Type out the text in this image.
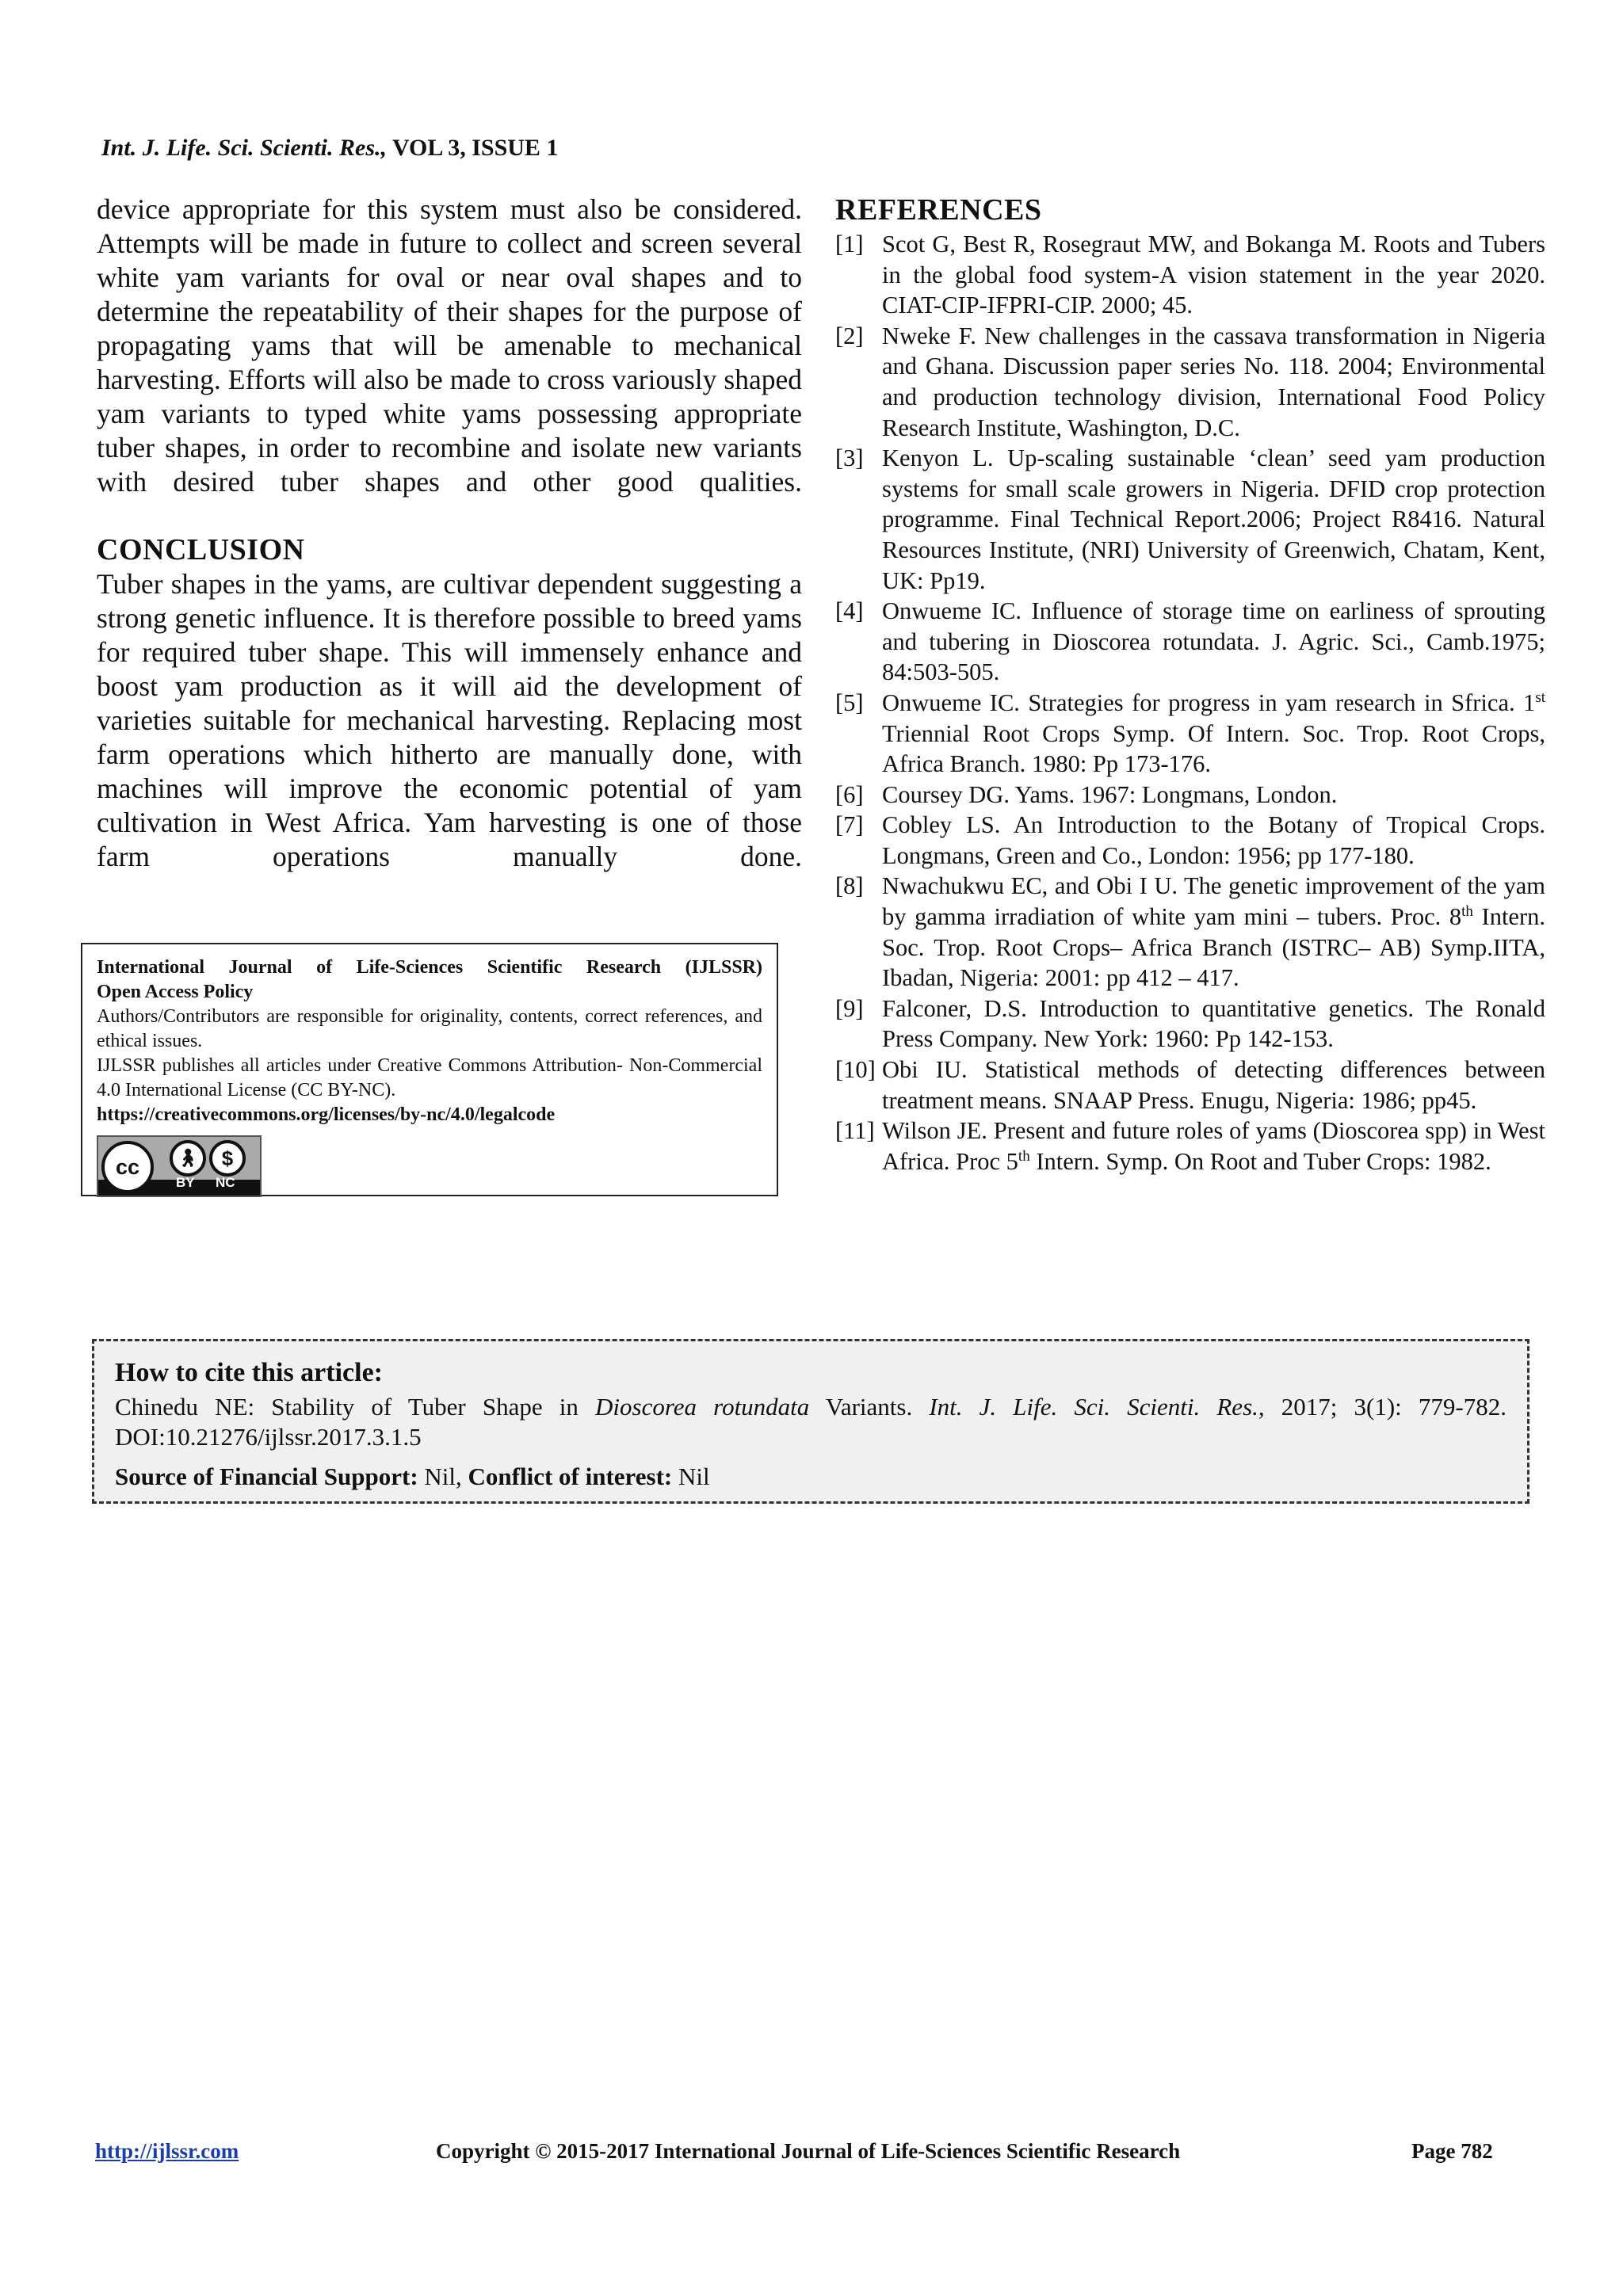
Int. J. Life. Sci. Scienti. Res., VOL 3, ISSUE 1

device appropriate for this system must also be considered. Attempts will be made in future to collect and screen several white yam variants for oval or near oval shapes and to determine the repeatability of their shapes for the purpose of propagating yams that will be amenable to mechanical harvesting. Efforts will also be made to cross variously shaped yam variants to typed white yams possessing appropriate tuber shapes, in order to recombine and isolate new variants with desired tuber shapes and other good qualities.

CONCLUSION

Tuber shapes in the yams, are cultivar dependent suggesting a strong genetic influence. It is therefore possible to breed yams for required tuber shape. This will immensely enhance and boost yam production as it will aid the development of varieties suitable for mechanical harvesting. Replacing most farm operations which hitherto are manually done, with machines will improve the economic potential of yam cultivation in West Africa. Yam harvesting is one of those farm operations manually done.

International Journal of Life-Sciences Scientific Research (IJLSSR)
Open Access Policy
Authors/Contributors are responsible for originality, contents, correct references, and ethical issues.
IJLSSR publishes all articles under Creative Commons Attribution- Non-Commercial 4.0 International License (CC BY-NC).
https://creativecommons.org/licenses/by-nc/4.0/legalcode
cc	🚶︎	$
BY NC
REFERENCES
[1] Scot G, Best R, Rosegraut MW, and Bokanga M. Roots and Tubers in the global food system-A vision statement in the year 2020. CIAT-CIP-IFPRI-CIP. 2000; 45.
[2] Nweke F. New challenges in the cassava transformation in Nigeria and Ghana. Discussion paper series No. 118. 2004; Environmental and production technology division, International Food Policy Research Institute, Washington, D.C.
[3] Kenyon L. Up-scaling sustainable ‘clean’ seed yam production systems for small scale growers in Nigeria. DFID crop protection programme. Final Technical Report.2006; Project R8416. Natural Resources Institute, (NRI) University of Greenwich, Chatam, Kent, UK: Pp19.
[4] Onwueme IC. Influence of storage time on earliness of sprouting and tubering in Dioscorea rotundata. J. Agric. Sci., Camb.1975; 84:503-505.
[5] Onwueme IC. Strategies for progress in yam research in Sfrica. 1st Triennial Root Crops Symp. Of Intern. Soc. Trop. Root Crops, Africa Branch. 1980: Pp 173-176.
[6] Coursey DG. Yams. 1967: Longmans, London.
[7] Cobley LS. An Introduction to the Botany of Tropical Crops. Longmans, Green and Co., London: 1956; pp 177-180.
[8] Nwachukwu EC, and Obi I U. The genetic improvement of the yam by gamma irradiation of white yam mini – tubers. Proc. 8th Intern. Soc. Trop. Root Crops– Africa Branch (ISTRC– AB) Symp.IITA, Ibadan, Nigeria: 2001: pp 412 – 417.
[9] Falconer, D.S. Introduction to quantitative genetics. The Ronald Press Company. New York: 1960: Pp 142-153.
[10] Obi IU. Statistical methods of detecting differences between treatment means. SNAAP Press. Enugu, Nigeria: 1986; pp45.
[11] Wilson JE. Present and future roles of yams (Dioscorea spp) in West Africa. Proc 5th Intern. Symp. On Root and Tuber Crops: 1982.

How to cite this article:

Chinedu NE: Stability of Tuber Shape in Dioscorea rotundata Variants. Int. J. Life. Sci. Scienti. Res., 2017; 3(1): 779-782. DOI:10.21276/ijlssr.2017.3.1.5

Source of Financial Support: Nil, Conflict of interest: Nil

http://ijlssr.com	Copyright © 2015-2017 International Journal of Life-Sciences Scientific Research	Page 782
